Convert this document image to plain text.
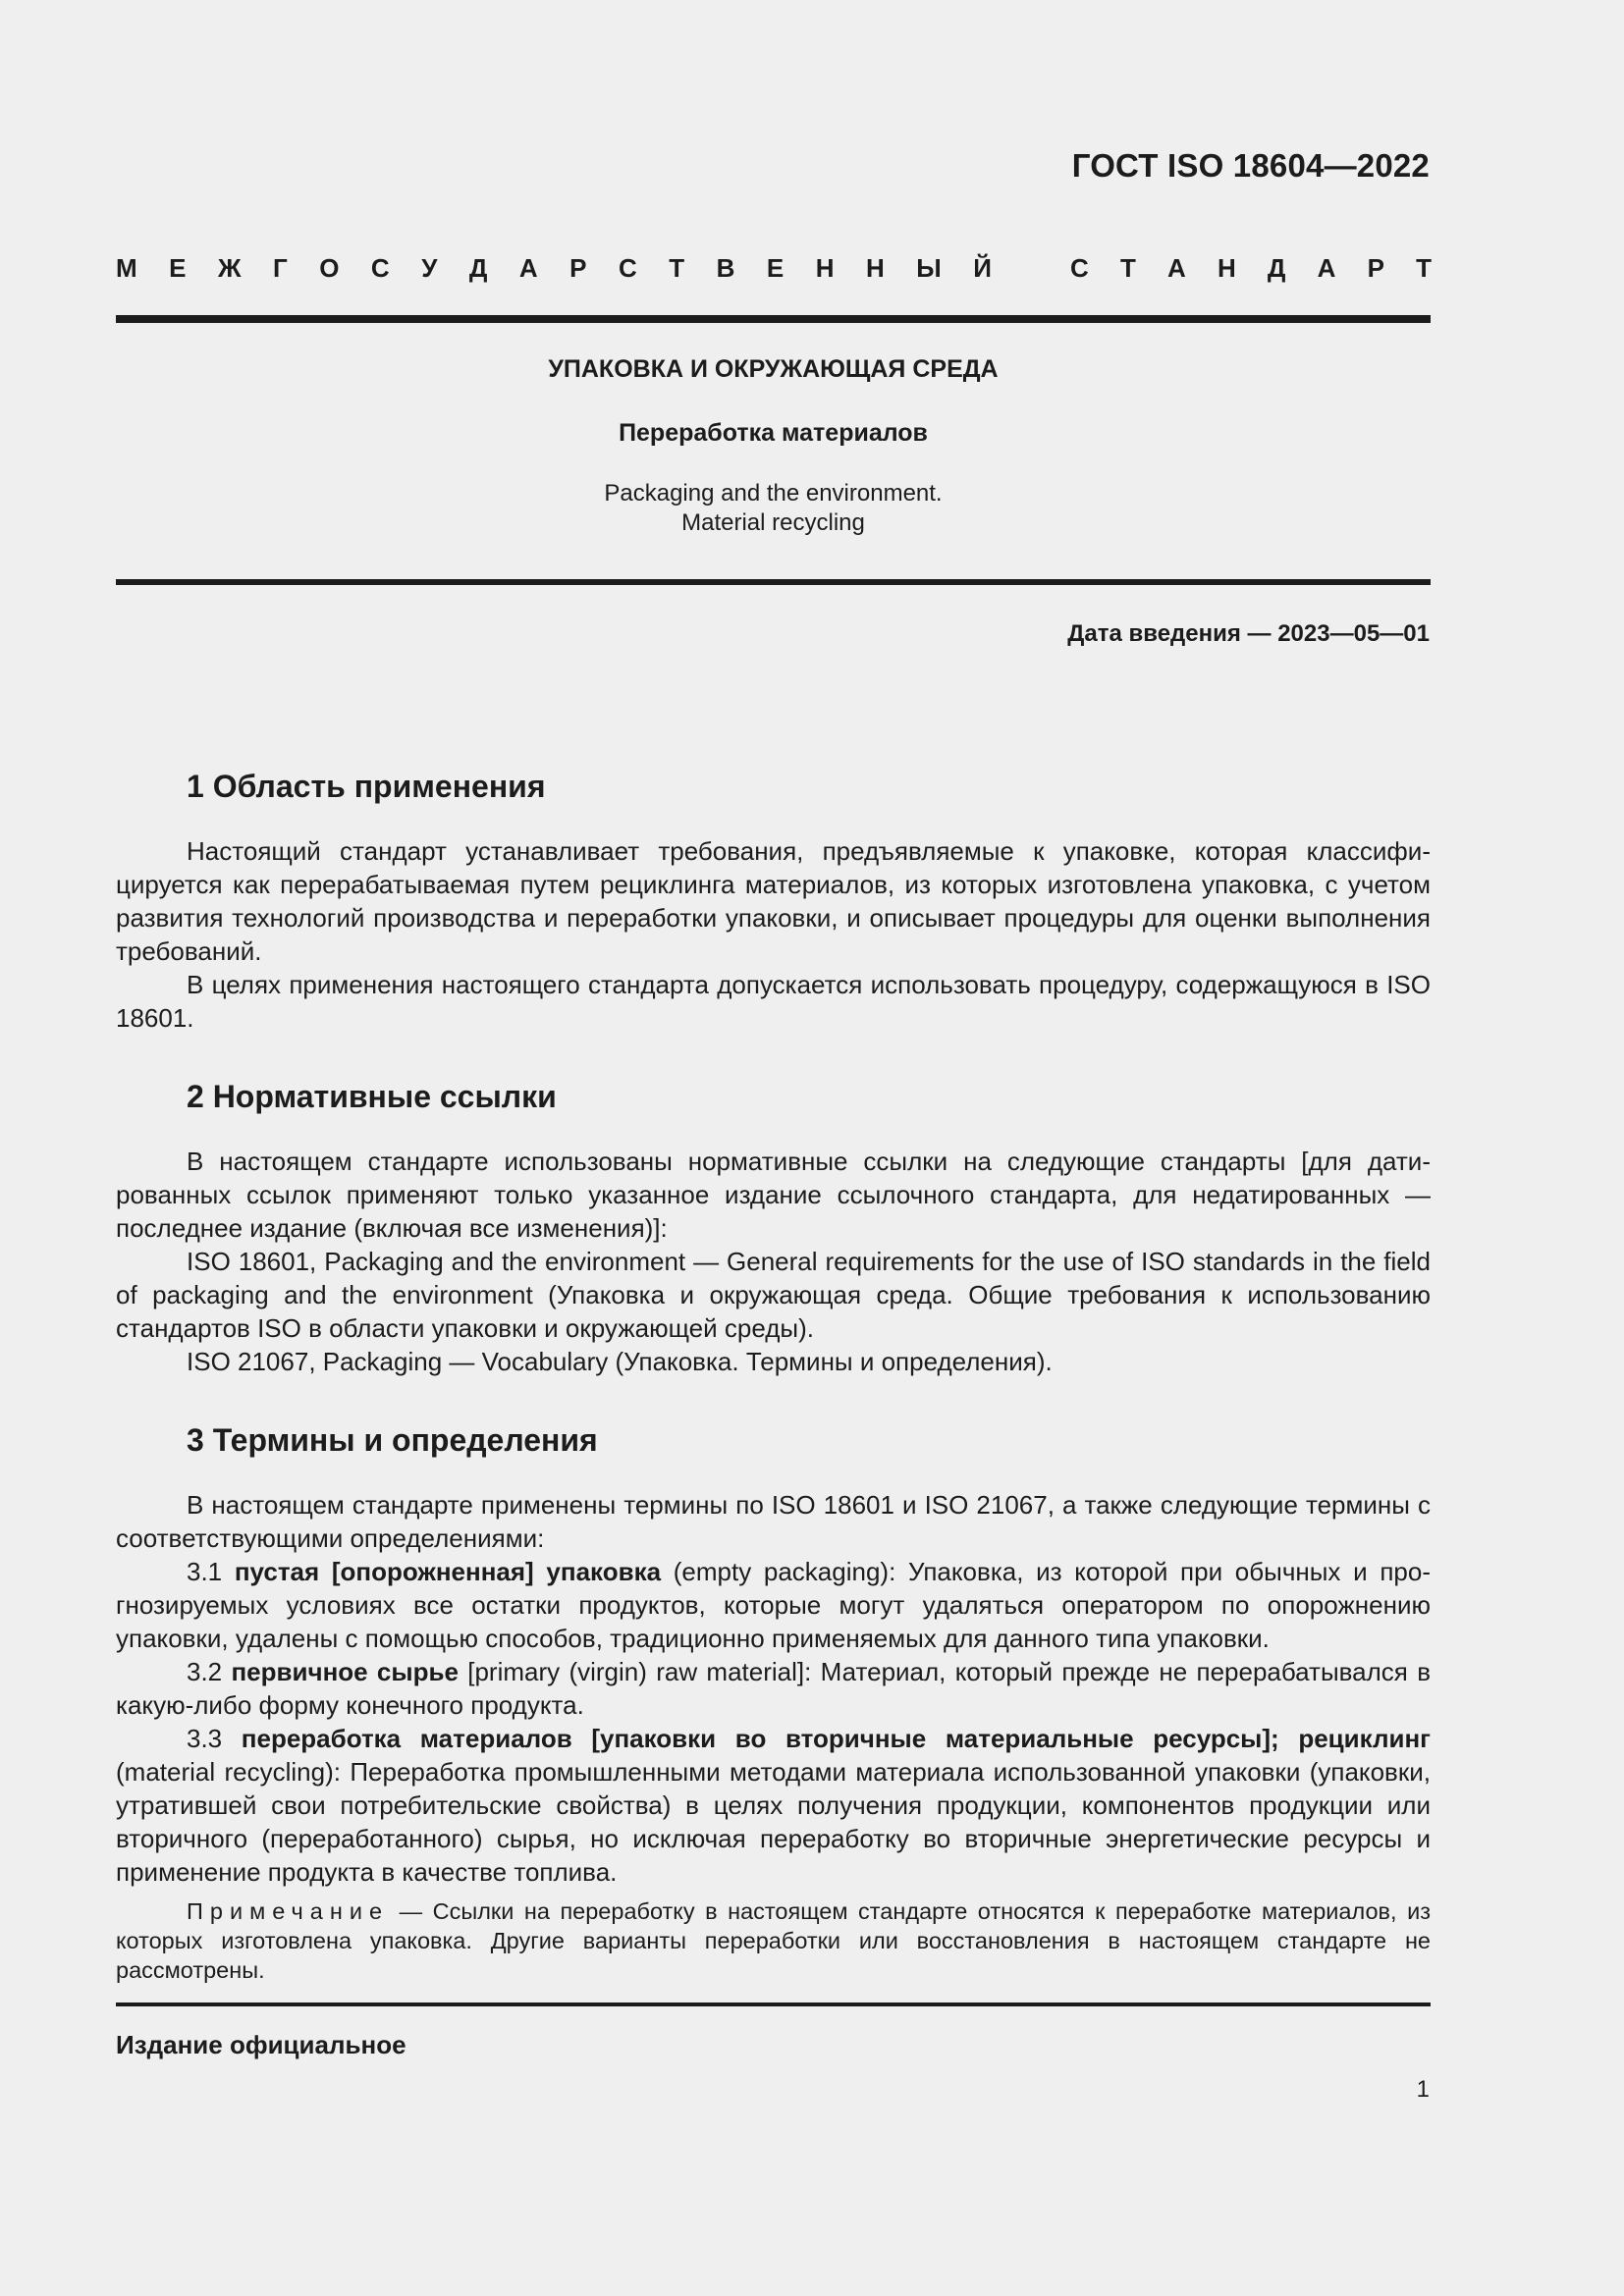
ГОСТ ISO 18604—2022
М Е Ж Г О С У Д А Р С Т В Е Н Н Ы Й	С Т А Н Д А Р Т
УПАКОВКА И ОКРУЖАЮЩАЯ СРЕДА
Переработка материалов
Packaging and the environment.
Material recycling
Дата введения — 2023—05—01
1 Область применения

Настоящий стандарт устанавливает требования, предъявляемые к упаковке, которая классифицируется как перерабатываемая путем рециклинга материалов, из которых изготовлена упаковка, с учетом развития технологий производства и переработки упаковки, и описывает процедуры для оценки выполнения требований.

В целях применения настоящего стандарта допускается использовать процедуру, содержащуюся в ISO 18601.

2 Нормативные ссылки

В настоящем стандарте использованы нормативные ссылки на следующие стандарты [для датированных ссылок применяют только указанное издание ссылочного стандарта, для недатированных — последнее издание (включая все изменения)]:

ISO 18601, Packaging and the environment — General requirements for the use of ISO standards in the field of packaging and the environment (Упаковка и окружающая среда. Общие требования к использованию стандартов ISO в области упаковки и окружающей среды).

ISO 21067, Packaging — Vocabulary (Упаковка. Термины и определения).

3 Термины и определения

В настоящем стандарте применены термины по ISO 18601 и ISO 21067, а также следующие термины с соответствующими определениями:

3.1 пустая [опорожненная] упаковка (empty packaging): Упаковка, из которой при обычных и прогнозируемых условиях все остатки продуктов, которые могут удаляться оператором по опорожнению упаковки, удалены с помощью способов, традиционно применяемых для данного типа упаковки.

3.2 первичное сырье [primary (virgin) raw material]: Материал, который прежде не перерабатывался в какую-либо форму конечного продукта.

3.3 переработка материалов [упаковки во вторичные материальные ресурсы]; рециклинг (material recycling): Переработка промышленными методами материала использованной упаковки (упаковки, утратившей свои потребительские свойства) в целях получения продукции, компонентов продукции или вторичного (переработанного) сырья, но исключая переработку во вторичные энергетические ресурсы и применение продукта в качестве топлива.

Примечание — Ссылки на переработку в настоящем стандарте относятся к переработке материалов, из которых изготовлена упаковка. Другие варианты переработки или восстановления в настоящем стандарте не рассмотрены.

Издание официальное
1
